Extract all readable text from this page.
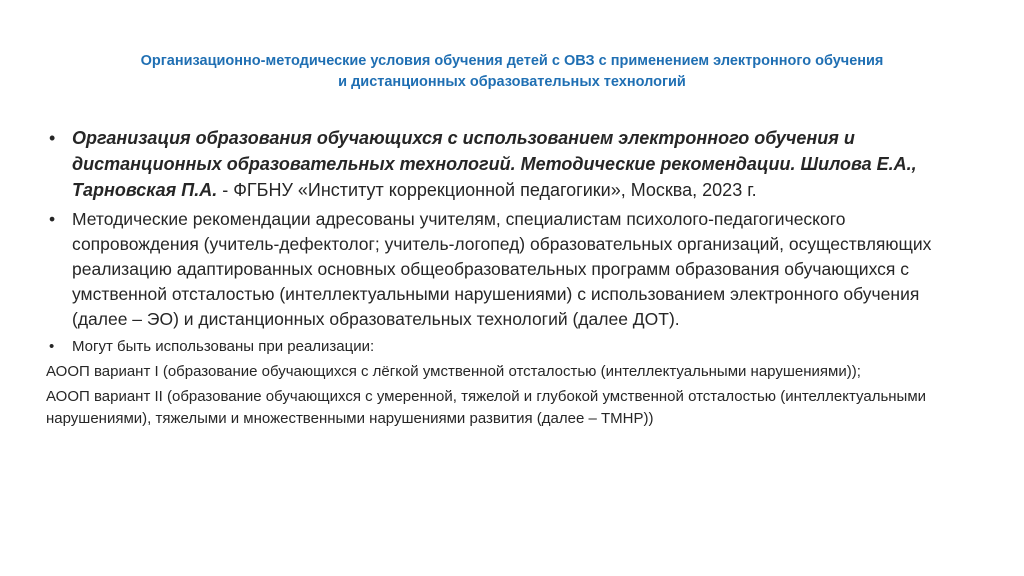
Организационно-методические условия обучения детей с ОВЗ с применением электронного обучения
и дистанционных образовательных технологий
• Организация образования обучающихся с использованием электронного обучения и дистанционных образовательных технологий. Методические рекомендации. Шилова Е.А., Тарновская П.А. - ФГБНУ «Институт коррекционной педагогики», Москва, 2023 г.
• Методические рекомендации адресованы учителям, специалистам психолого-педагогического сопровождения (учитель-дефектолог; учитель-логопед) образовательных организаций, осуществляющих реализацию адаптированных основных общеобразовательных программ образования обучающихся с умственной отсталостью (интеллектуальными нарушениями) с использованием электронного обучения (далее – ЭО) и дистанционных образовательных технологий (далее ДОТ).
• Могут быть использованы при реализации:
АООП вариант I (образование обучающихся с лёгкой умственной отсталостью (интеллектуальными нарушениями));
АООП вариант II (образование обучающихся с умеренной, тяжелой и глубокой умственной отсталостью (интеллектуальными нарушениями), тяжелыми и множественными нарушениями развития (далее – ТМНР))
